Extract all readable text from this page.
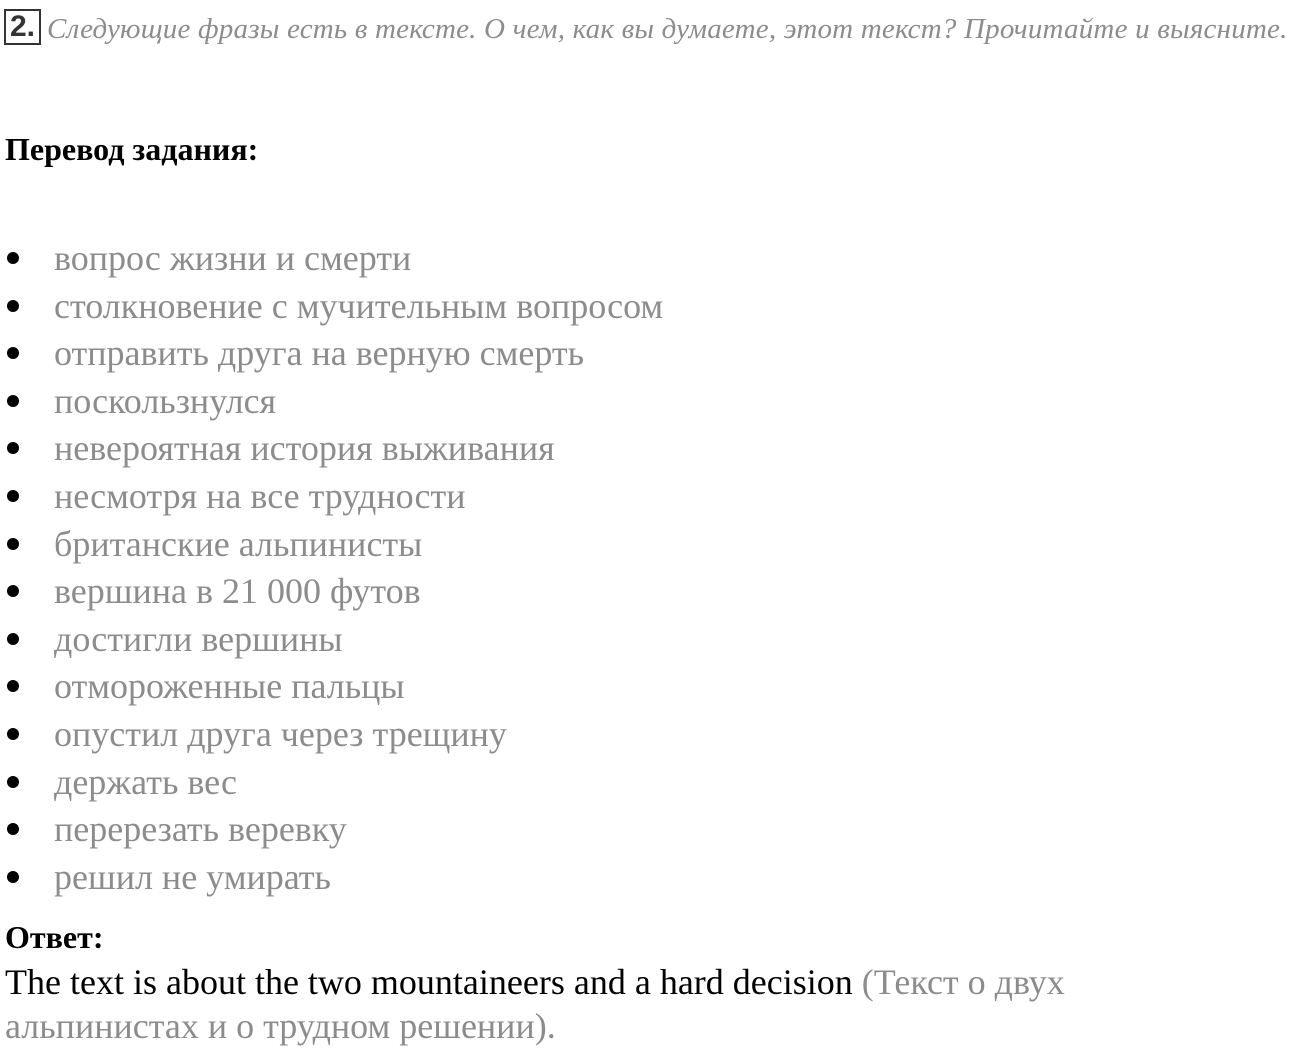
2. Следующие фразы есть в тексте. О чем, как вы думаете, этот текст? Прочитайте и выясните.
Перевод задания:
вопрос жизни и смерти
столкновение с мучительным вопросом
отправить друга на верную смерть
поскользнулся
невероятная история выживания
несмотря на все трудности
британские альпинисты
вершина в 21 000 футов
достигли вершины
отмороженные пальцы
опустил друга через трещину
держать вес
перерезать веревку
решил не умирать
Ответ:
The text is about the two mountaineers and a hard decision (Текст о двух альпинистах и о трудном решении).
